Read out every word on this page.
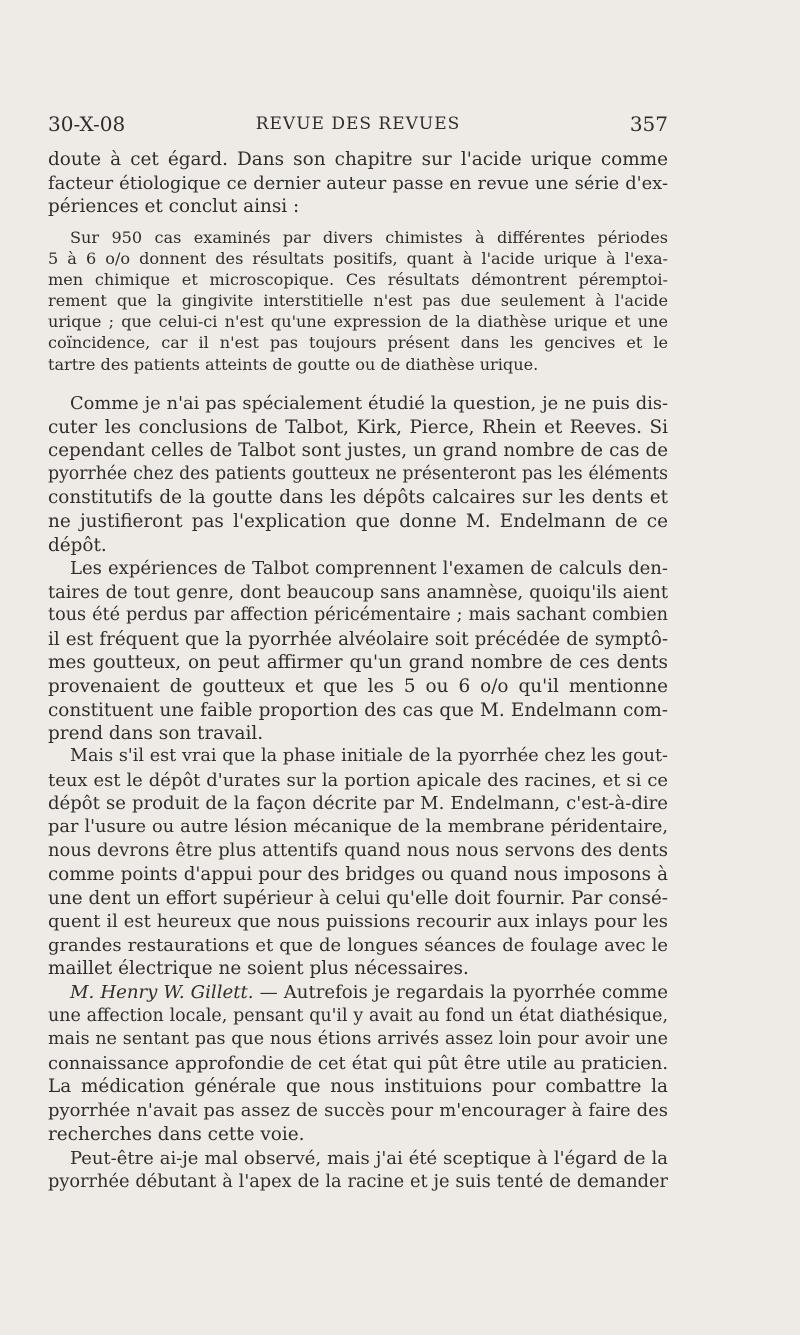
30-X-08	REVUE DES REVUES	357
doute à cet égard. Dans son chapitre sur l'acide urique comme
facteur étiologique ce dernier auteur passe en revue une série d'ex-
périences et conclut ainsi :
Sur 950 cas examinés par divers chimistes à différentes périodes
5 à 6 o/o donnent des résultats positifs, quant à l'acide urique à l'exa-
men chimique et microscopique. Ces résultats démontrent péremptoi-
rement que la gingivite interstitielle n'est pas due seulement à l'acide
urique ; que celui-ci n'est qu'une expression de la diathèse urique et une
coïncidence, car il n'est pas toujours présent dans les gencives et le
tartre des patients atteints de goutte ou de diathèse urique.
Comme je n'ai pas spécialement étudié la question, je ne puis dis-
cuter les conclusions de Talbot, Kirk, Pierce, Rhein et Reeves. Si
cependant celles de Talbot sont justes, un grand nombre de cas de
pyorrhée chez des patients goutteux ne présenteront pas les éléments
constitutifs de la goutte dans les dépôts calcaires sur les dents et
ne justifieront pas l'explication que donne M. Endelmann de ce
dépôt.
Les expériences de Talbot comprennent l'examen de calculs den-
taires de tout genre, dont beaucoup sans anamnèse, quoiqu'ils aient
tous été perdus par affection péricémentaire ; mais sachant combien
il est fréquent que la pyorrhée alvéolaire soit précédée de symptô-
mes goutteux, on peut affirmer qu'un grand nombre de ces dents
provenaient de goutteux et que les 5 ou 6 o/o qu'il mentionne
constituent une faible proportion des cas que M. Endelmann com-
prend dans son travail.
Mais s'il est vrai que la phase initiale de la pyorrhée chez les gout-
teux est le dépôt d'urates sur la portion apicale des racines, et si ce
dépôt se produit de la façon décrite par M. Endelmann, c'est-à-dire
par l'usure ou autre lésion mécanique de la membrane péridentaire,
nous devrons être plus attentifs quand nous nous servons des dents
comme points d'appui pour des bridges ou quand nous imposons à
une dent un effort supérieur à celui qu'elle doit fournir. Par consé-
quent il est heureux que nous puissions recourir aux inlays pour les
grandes restaurations et que de longues séances de foulage avec le
maillet électrique ne soient plus nécessaires.
M. Henry W. Gillett. — Autrefois je regardais la pyorrhée comme
une affection locale, pensant qu'il y avait au fond un état diathésique,
mais ne sentant pas que nous étions arrivés assez loin pour avoir une
connaissance approfondie de cet état qui pût être utile au praticien.
La médication générale que nous instituions pour combattre la
pyorrhée n'avait pas assez de succès pour m'encourager à faire des
recherches dans cette voie.
Peut-être ai-je mal observé, mais j'ai été sceptique à l'égard de la
pyorrhée débutant à l'apex de la racine et je suis tenté de demander
